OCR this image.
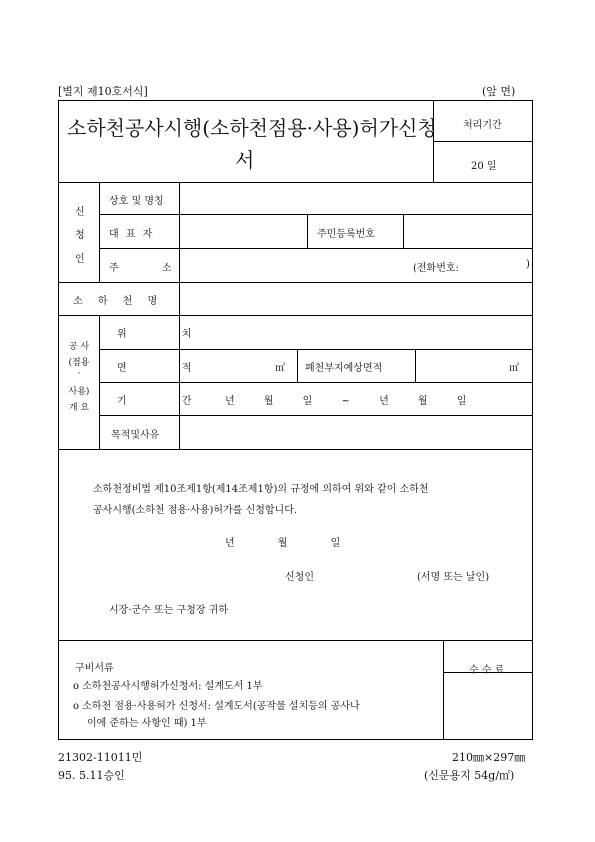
[별지 제10호서식]	(앞 면)
소하천공사시행(소하천점용·사용)허가신청
서
처리기간
20 일
신
청
인
상호 및 명칭
대 표 자	주민등록번호
주 소	(전화번호:	)
소 하 천 명
공 사
(점용
·
사용)
개 요
위 치
면 적	㎡ 폐천부지예상면적	㎡
기 간	년 월 일 ~ 년 월 일
목적및사유
소하천정비법 제10조제1항(제14조제1항)의 규정에 의하여 위와 같이 소하천
공사시행(소하천 점용·사용)허가를 신청합니다.
년 월 일
신청인	(서명 또는 날인)
시장·군수 또는 구청장 귀하
구비서류
o 소하천공사시행허가신청서: 설계도서 1부
o 소하천 점용·사용허가 신청서: 설계도서(공작물 설치등의 공사나
이에 준하는 사항인 때) 1부
수 수 료
21302-11011민	210㎜×297㎜
95. 5.11승인	(신문용지 54g/㎡)
